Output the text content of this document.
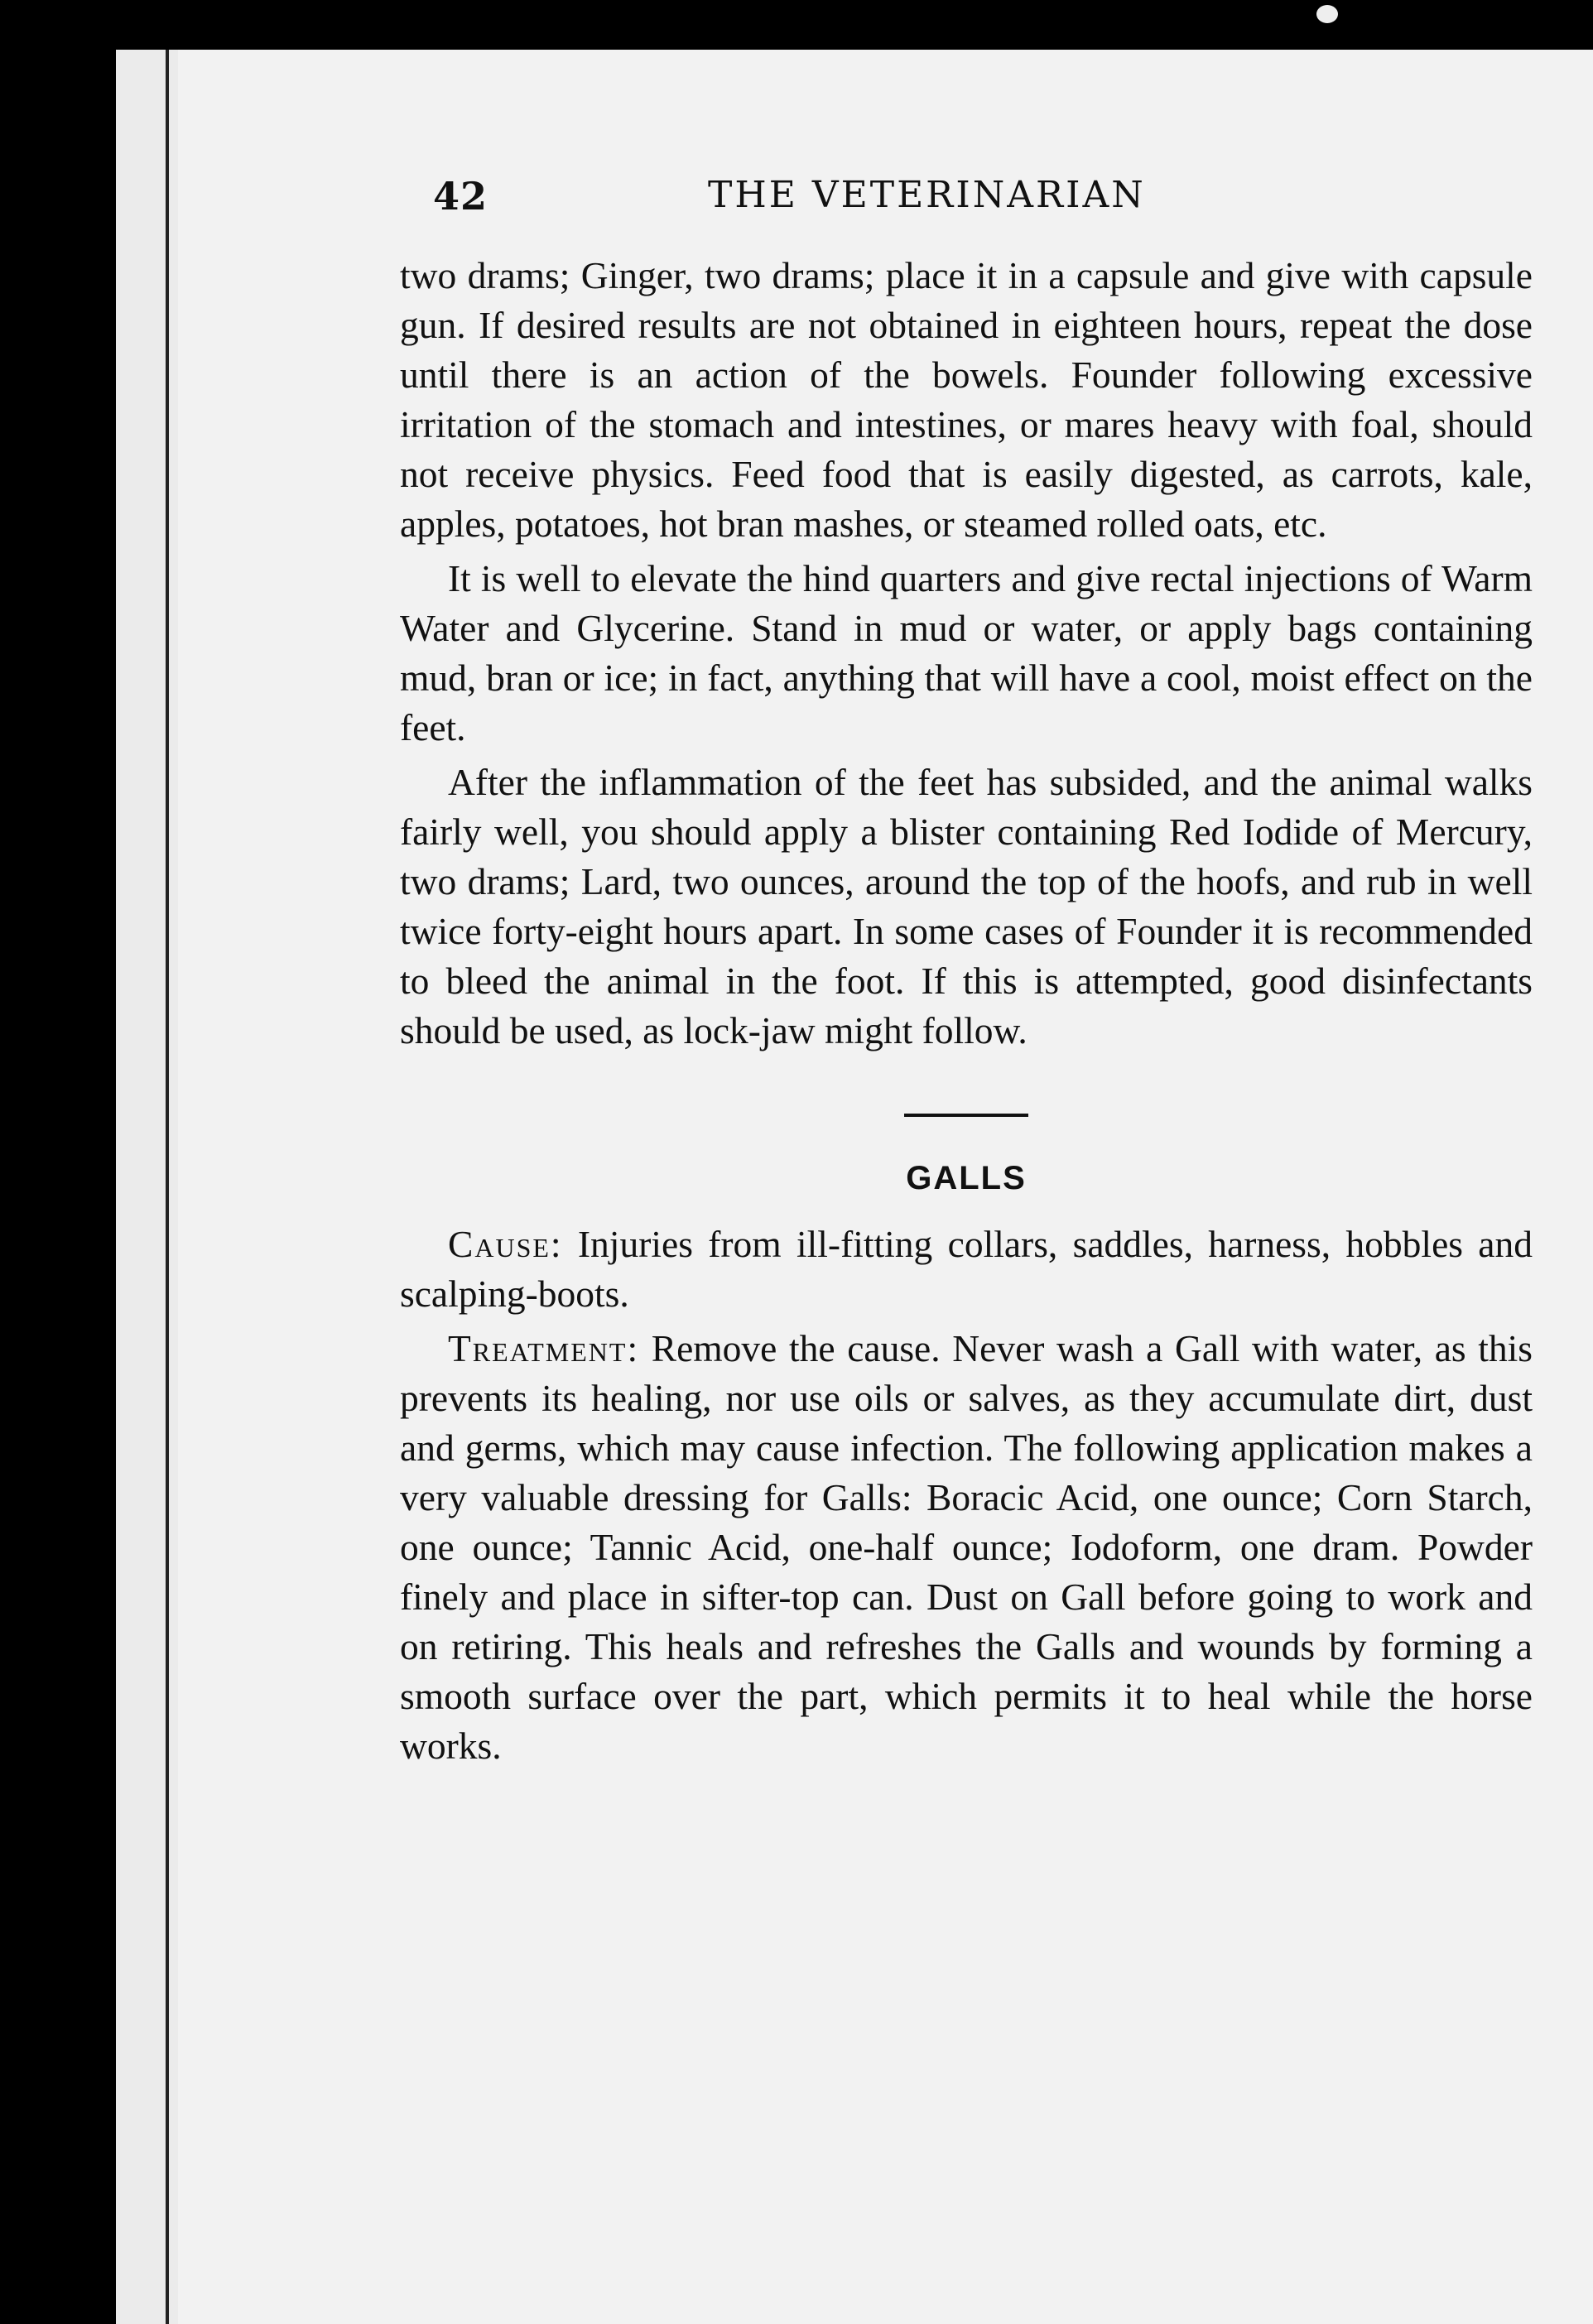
42	THE VETERINARIAN

two drams; Ginger, two drams; place it in a capsule and give with capsule gun. If desired results are not obtained in eighteen hours, repeat the dose until there is an action of the bowels. Founder following excessive irritation of the stomach and intestines, or mares heavy with foal, should not receive physics. Feed food that is easily digested, as carrots, kale, apples, potatoes, hot bran mashes, or steamed rolled oats, etc.

It is well to elevate the hind quarters and give rectal injections of Warm Water and Glycerine. Stand in mud or water, or apply bags containing mud, bran or ice; in fact, anything that will have a cool, moist effect on the feet.

After the inflammation of the feet has subsided, and the animal walks fairly well, you should apply a blister containing Red Iodide of Mercury, two drams; Lard, two ounces, around the top of the hoofs, and rub in well twice forty-eight hours apart. In some cases of Founder it is recommended to bleed the animal in the foot. If this is attempted, good disinfectants should be used, as lock-jaw might follow.

GALLS

Cause: Injuries from ill-fitting collars, saddles, harness, hobbles and scalping-boots.

Treatment: Remove the cause. Never wash a Gall with water, as this prevents its healing, nor use oils or salves, as they accumulate dirt, dust and germs, which may cause infection. The following application makes a very valuable dressing for Galls: Boracic Acid, one ounce; Corn Starch, one ounce; Tannic Acid, one-half ounce; Iodoform, one dram. Powder finely and place in sifter-top can. Dust on Gall before going to work and on retiring. This heals and refreshes the Galls and wounds by forming a smooth surface over the part, which permits it to heal while the horse works.
